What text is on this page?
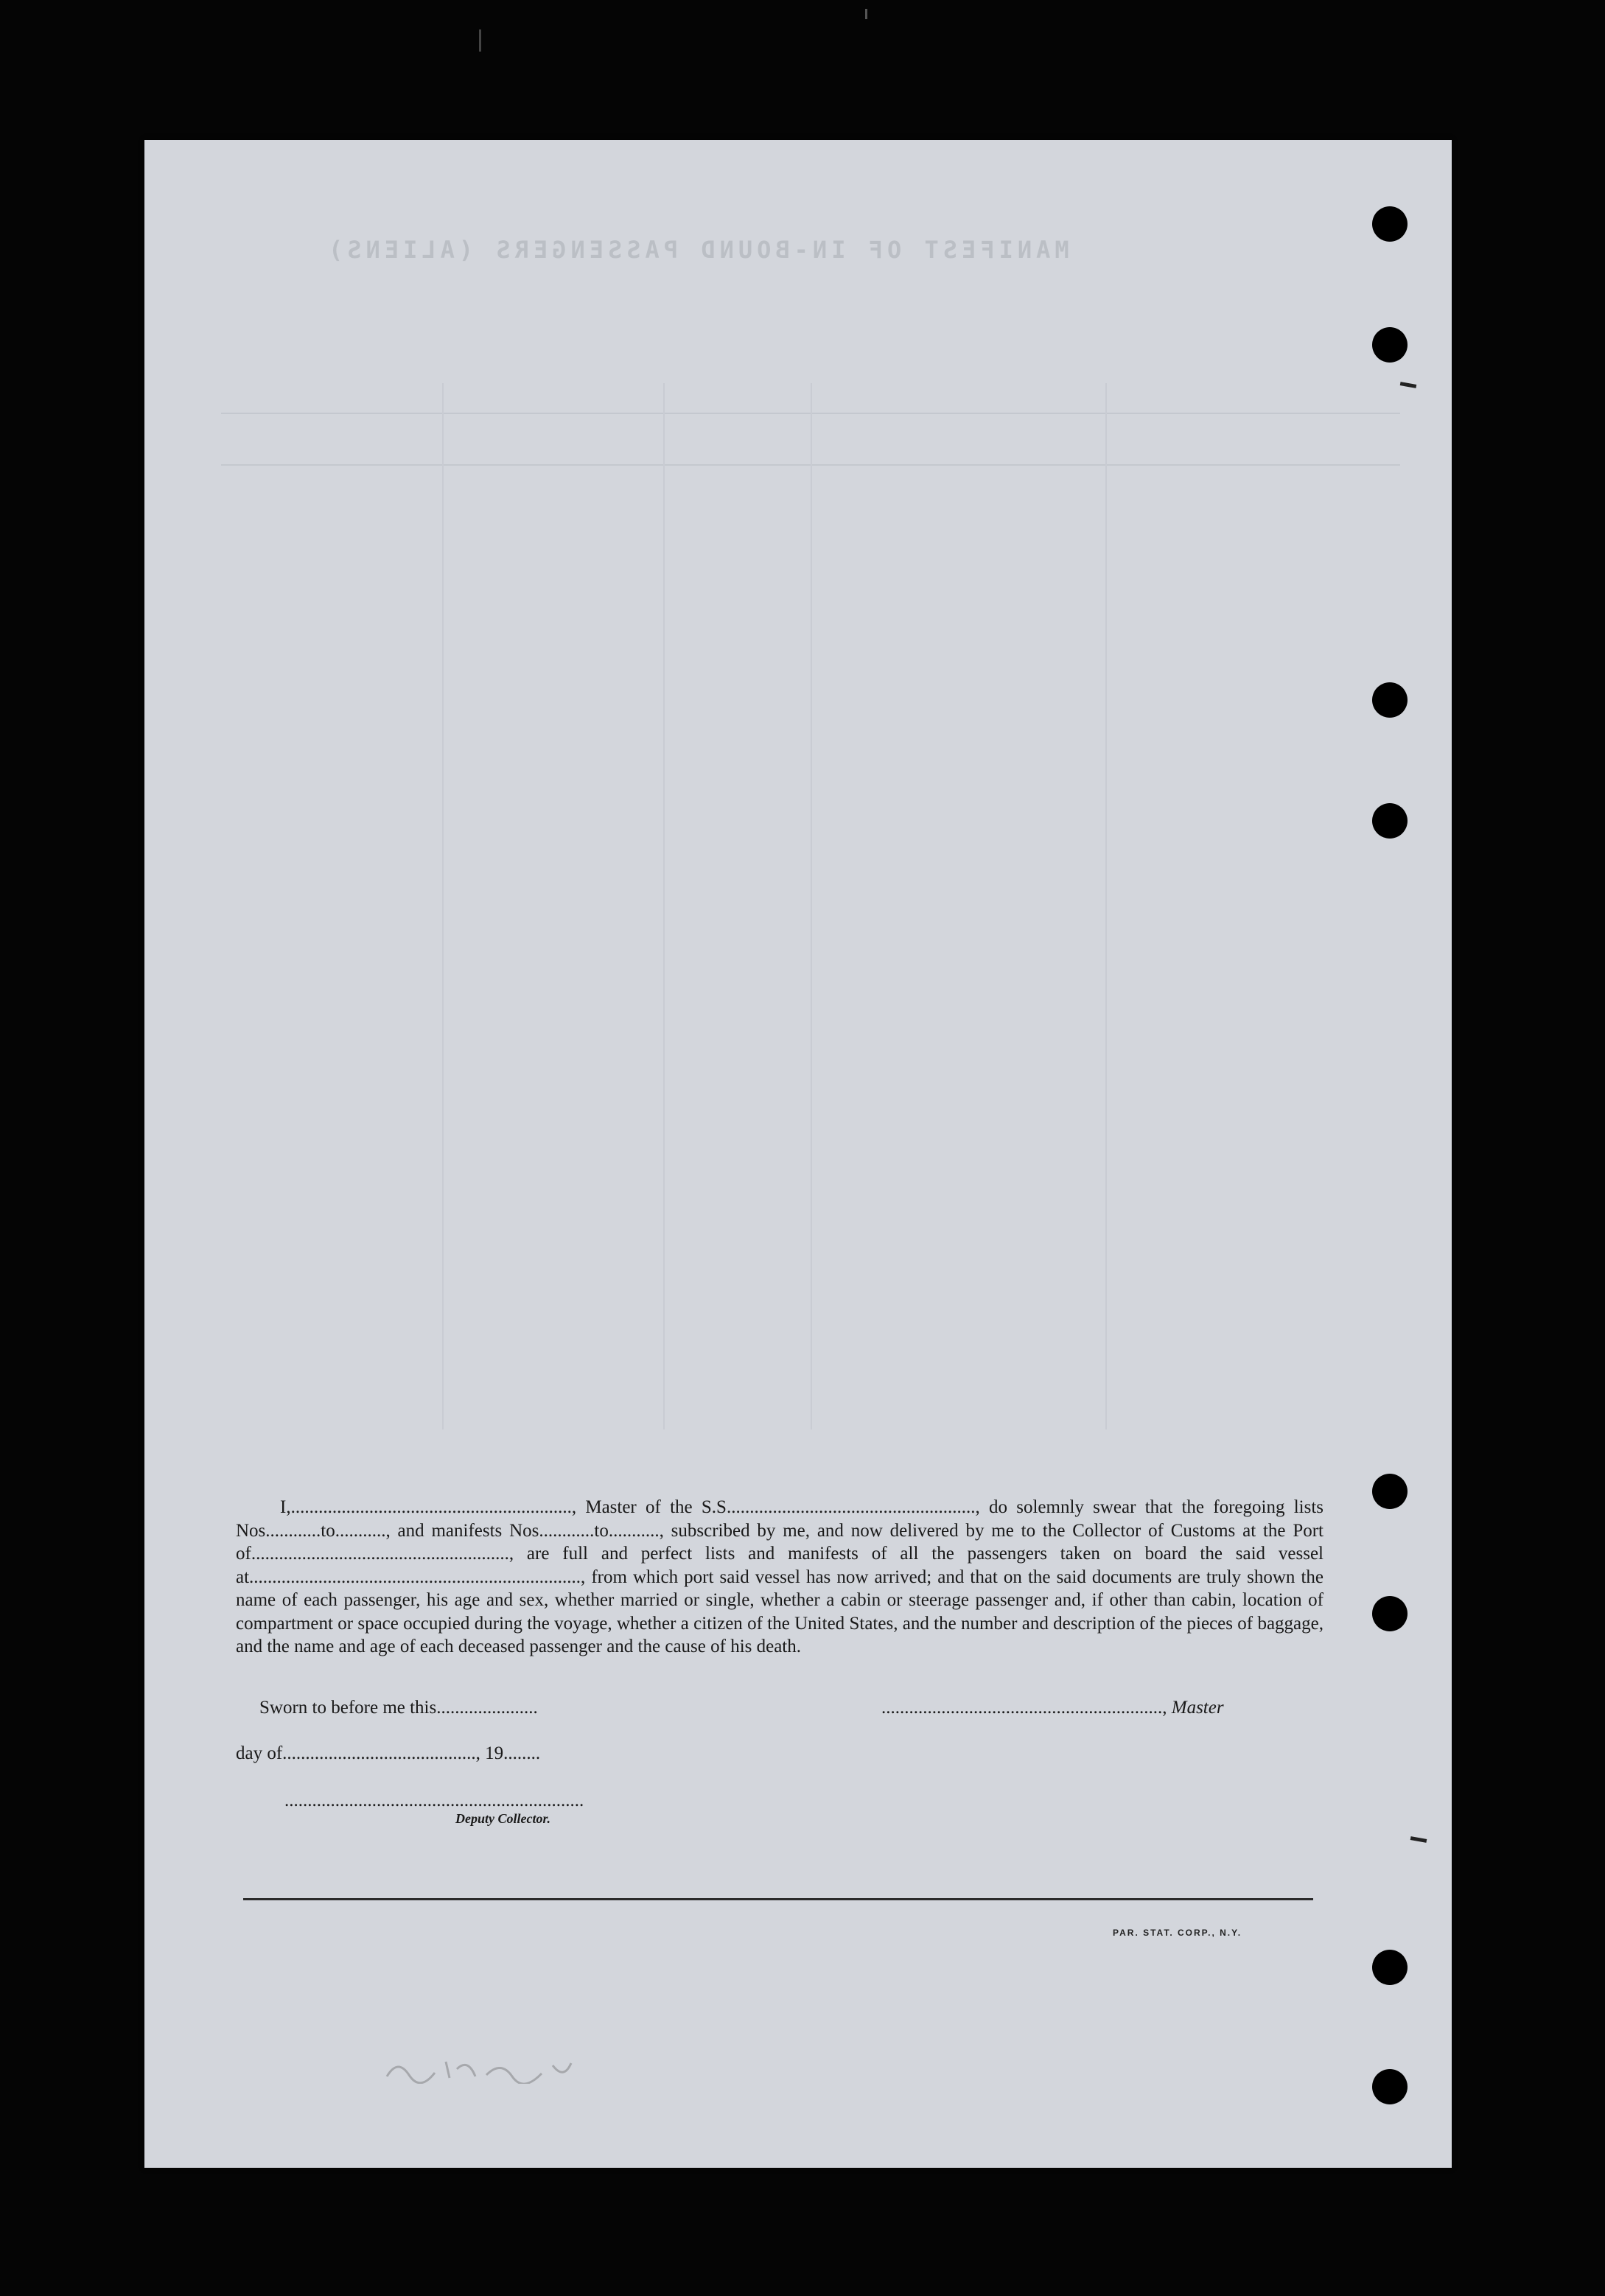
MANIFEST OF IN-BOUND PASSENGERS (ALIENS)
I,............................................................., Master of the S.S......................................................, do solemnly swear that the foregoing lists Nos............to..........., and manifests Nos............to..........., subscribed by me, and now delivered by me to the Collector of Customs at the Port of........................................................, are full and perfect lists and manifests of all the passengers taken on board the said vessel at........................................................................, from which port said vessel has now arrived; and that on the said documents are truly shown the name of each passenger, his age and sex, whether married or single, whether a cabin or steerage passenger and, if other than cabin, location of compartment or space occupied during the voyage, whether a citizen of the United States, and the number and description of the pieces of baggage, and the name and age of each deceased passenger and the cause of his death.
Sworn to before me this......................	............................................................., Master
day of.........................................., 19........
.................................................................
Deputy Collector.
PAR. STAT. CORP., N.Y.
